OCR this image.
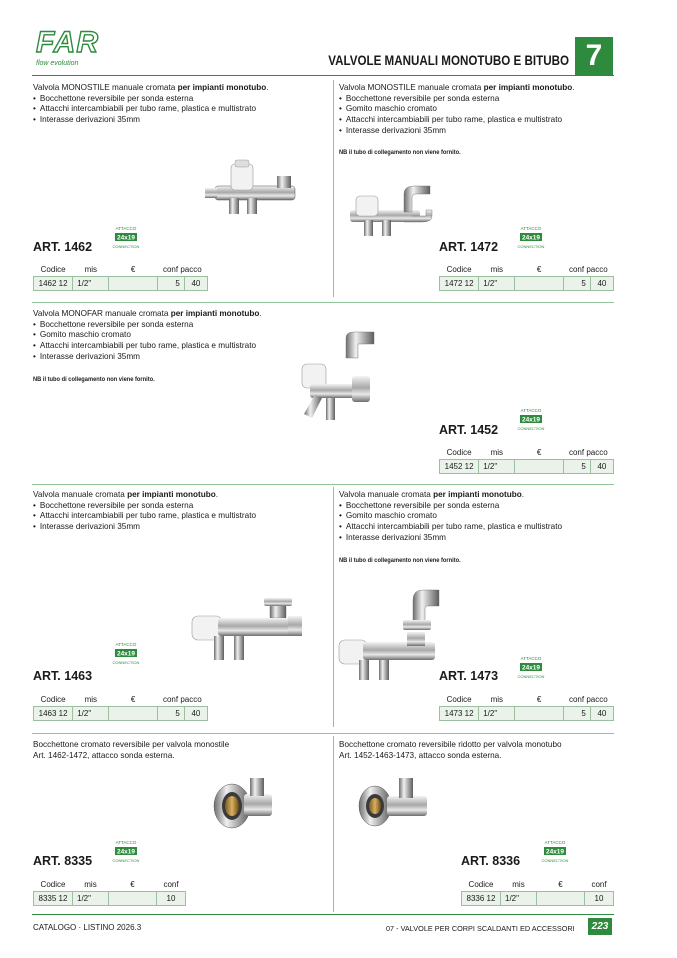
FAR
flow evolution	VALVOLE MANUALI MONOTUBO E BITUBO 7
Valvola MONOSTILE manuale cromata per impianti monotubo.
• Bocchettone reversibile per sonda esterna
• Attacchi intercambiabili per tubo rame, plastica e multistrato
• Interasse derivazioni 35mm
24x19
ATTACCO
CONNECTION
ART. 1462
Codice	mis	€	conf pacco	
1462 12	1/2"		5	40
Valvola MONOSTILE manuale cromata per impianti monotubo.
• Bocchettone reversibile per sonda esterna
• Gomito maschio cromato
• Attacchi intercambiabili per tubo rame, plastica e multistrato
• Interasse derivazioni 35mm
NB il tubo di collegamento non viene fornito.
24x19
ATTACCO
CONNECTION
ART. 1472
Codice	mis	€	conf pacco	
1472 12	1/2"		5	40
Valvola MONOFAR manuale cromata per impianti monotubo.
• Bocchettone reversibile per sonda esterna
• Gomito maschio cromato
• Attacchi intercambiabili per tubo rame, plastica e multistrato
• Interasse derivazioni 35mm
NB il tubo di collegamento non viene fornito.
24x19
ATTACCO
CONNECTION
ART. 1452
Codice	mis	€	conf pacco	
1452 12	1/2"		5	40
Valvola manuale cromata per impianti monotubo.
• Bocchettone reversibile per sonda esterna
• Attacchi intercambiabili per tubo rame, plastica e multistrato
• Interasse derivazioni 35mm
24x19
ATTACCO
CONNECTION
ART. 1463
Codice	mis	€	conf pacco	
1463 12	1/2"		5	40
Valvola manuale cromata per impianti monotubo.
• Bocchettone reversibile per sonda esterna
• Gomito maschio cromato
• Attacchi intercambiabili per tubo rame, plastica e multistrato
• Interasse derivazioni 35mm
NB il tubo di collegamento non viene fornito.
24x19
ATTACCO
CONNECTION
ART. 1473
Codice	mis	€	conf pacco	
1473 12	1/2"		5	40
Bocchettone cromato reversibile per valvola monostile
Art. 1462-1472, attacco sonda esterna.
24x19
ATTACCO
CONNECTION
ART. 8335
Codice	mis	€	conf
8335 12	1/2"		10
Bocchettone cromato reversibile ridotto per valvola monotubo
Art. 1452-1463-1473, attacco sonda esterna.
24x19
ATTACCO
CONNECTION
ART. 8336
Codice	mis	€	conf
8336 12	1/2"		10
CATALOGO · LISTINO 2026.3	07 - VALVOLE PER CORPI SCALDANTI ED ACCESSORI	223
